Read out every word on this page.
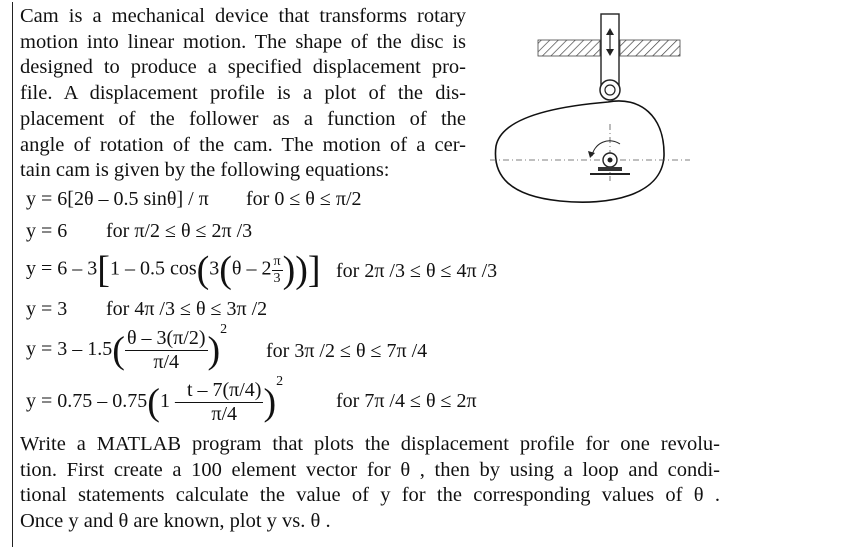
Cam is a mechanical device that transforms rotary
motion into linear motion. The shape of the disc is
designed to produce a specified displacement pro-
file. A displacement profile is a plot of the dis-
placement of the follower as a function of the
angle of rotation of the cam. The motion of a cer-
tain cam is given by the following equations:
y = 6[2θ – 0.5 sinθ] / π for 0 ≤ θ ≤ π/2
y = 6 for π/2 ≤ θ ≤ 2π /3
y = 6 – 3[1 – 0.5 $\cos(3(\theta - 2 \frac{\pi}{3}$ ))] for 2π /3 ≤ θ ≤ 4π /3
y = 3 for 4π /3 ≤ θ ≤ 3π /2
$y = 3 - 1.5( \frac{\theta - 3(\pi/2)}{\pi/4} )^2$
for 3π /2 ≤ θ ≤ 7π /4
$y = 0.75 - 0.75(1 - \frac{t - 7(\pi/4)}{\pi/4} )^2$
for 7π /4 ≤ θ ≤ 2π
Write a MATLAB program that plots the displacement profile for one revolu-
tion. First create a 100 element vector for θ , then by using a loop and condi-
tional statements calculate the value of y for the corresponding values of θ .
Once y and θ are known, plot y vs. θ .
